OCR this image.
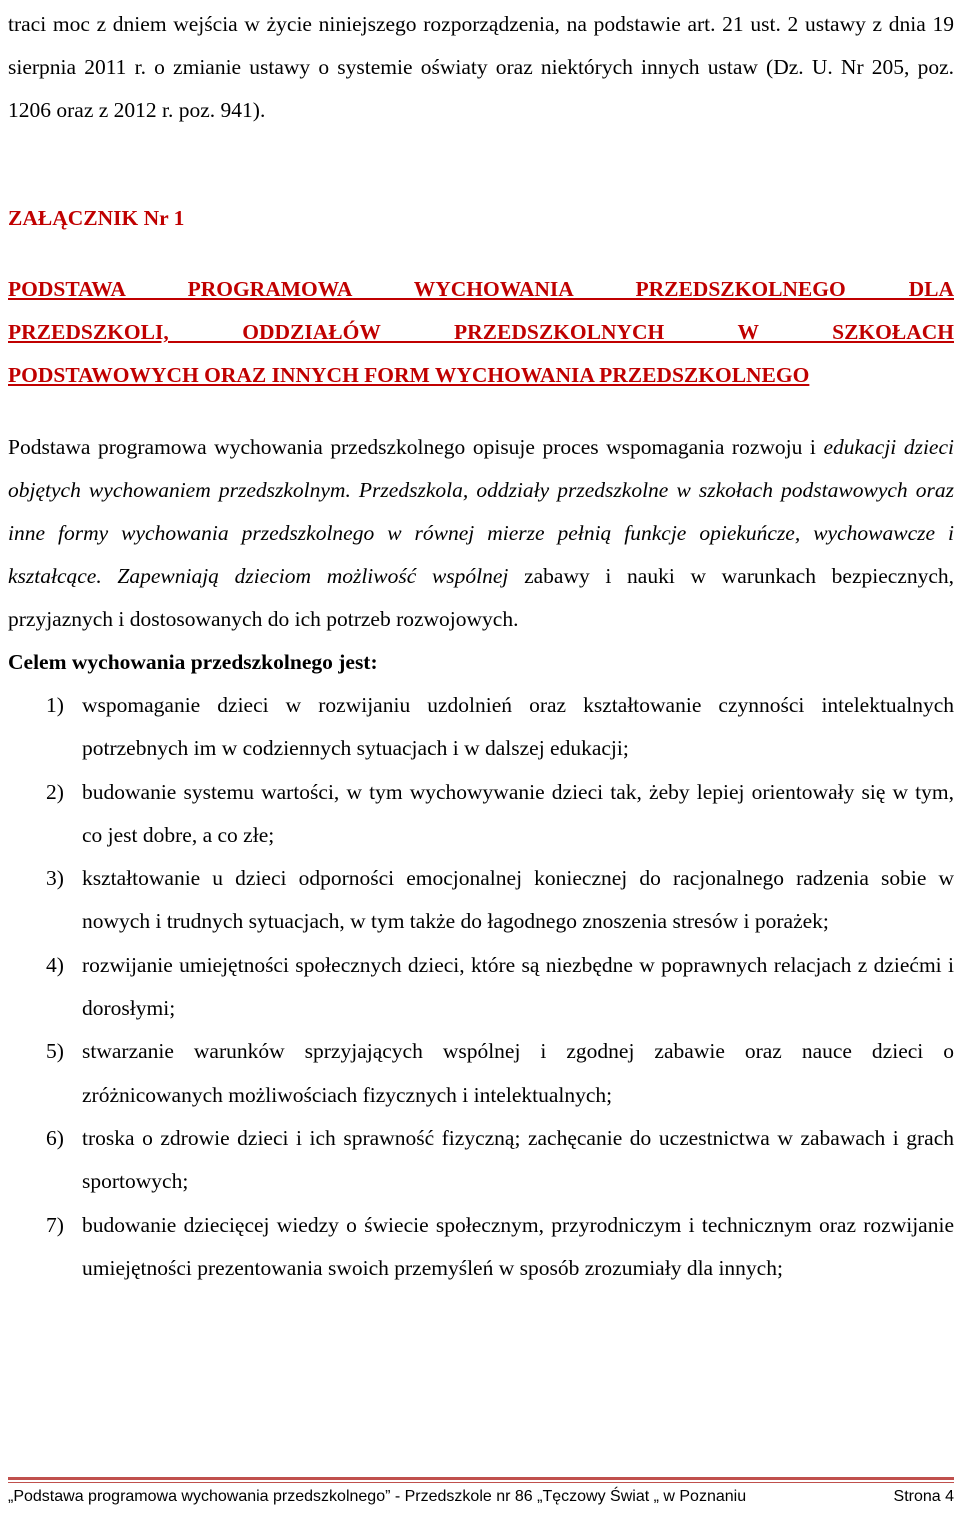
traci moc z dniem wejścia w życie niniejszego rozporządzenia, na podstawie art. 21 ust. 2 ustawy z dnia 19 sierpnia 2011 r. o zmianie ustawy o systemie oświaty oraz niektórych innych ustaw (Dz. U. Nr 205, poz. 1206 oraz z 2012 r. poz. 941).

ZAŁĄCZNIK Nr 1

PODSTAWA PROGRAMOWA WYCHOWANIA PRZEDSZKOLNEGO DLA
PRZEDSZKOLI, ODDZIAŁÓW PRZEDSZKOLNYCH W SZKOŁACH
PODSTAWOWYCH ORAZ INNYCH FORM WYCHOWANIA PRZEDSZKOLNEGO

Podstawa programowa wychowania przedszkolnego opisuje proces wspomagania rozwoju i edukacji dzieci objętych wychowaniem przedszkolnym. Przedszkola, oddziały przedszkolne w szkołach podstawowych oraz inne formy wychowania przedszkolnego w równej mierze pełnią funkcje opiekuńcze, wychowawcze i kształcące. Zapewniają dzieciom możliwość wspólnej zabawy i nauki w warunkach bezpiecznych, przyjaznych i dostosowanych do ich potrzeb rozwojowych.

Celem wychowania przedszkolnego jest:

1) wspomaganie dzieci w rozwijaniu uzdolnień oraz kształtowanie czynności intelektualnych potrzebnych im w codziennych sytuacjach i w dalszej edukacji;
2) budowanie systemu wartości, w tym wychowywanie dzieci tak, żeby lepiej orientowały się w tym, co jest dobre, a co złe;
3) kształtowanie u dzieci odporności emocjonalnej koniecznej do racjonalnego radzenia sobie w nowych i trudnych sytuacjach, w tym także do łagodnego znoszenia stresów i porażek;
4) rozwijanie umiejętności społecznych dzieci, które są niezbędne w poprawnych relacjach z dziećmi i dorosłymi;
5) stwarzanie warunków sprzyjających wspólnej i zgodnej zabawie oraz nauce dzieci o zróżnicowanych możliwościach fizycznych i intelektualnych;
6) troska o zdrowie dzieci i ich sprawność fizyczną; zachęcanie do uczestnictwa w zabawach i grach sportowych;
7) budowanie dziecięcej wiedzy o świecie społecznym, przyrodniczym i technicznym oraz rozwijanie umiejętności prezentowania swoich przemyśleń w sposób zrozumiały dla innych;
„Podstawa programowa wychowania przedszkolnego” - Przedszkole nr 86 „Tęczowy Świat „ w Poznaniu	Strona 4
